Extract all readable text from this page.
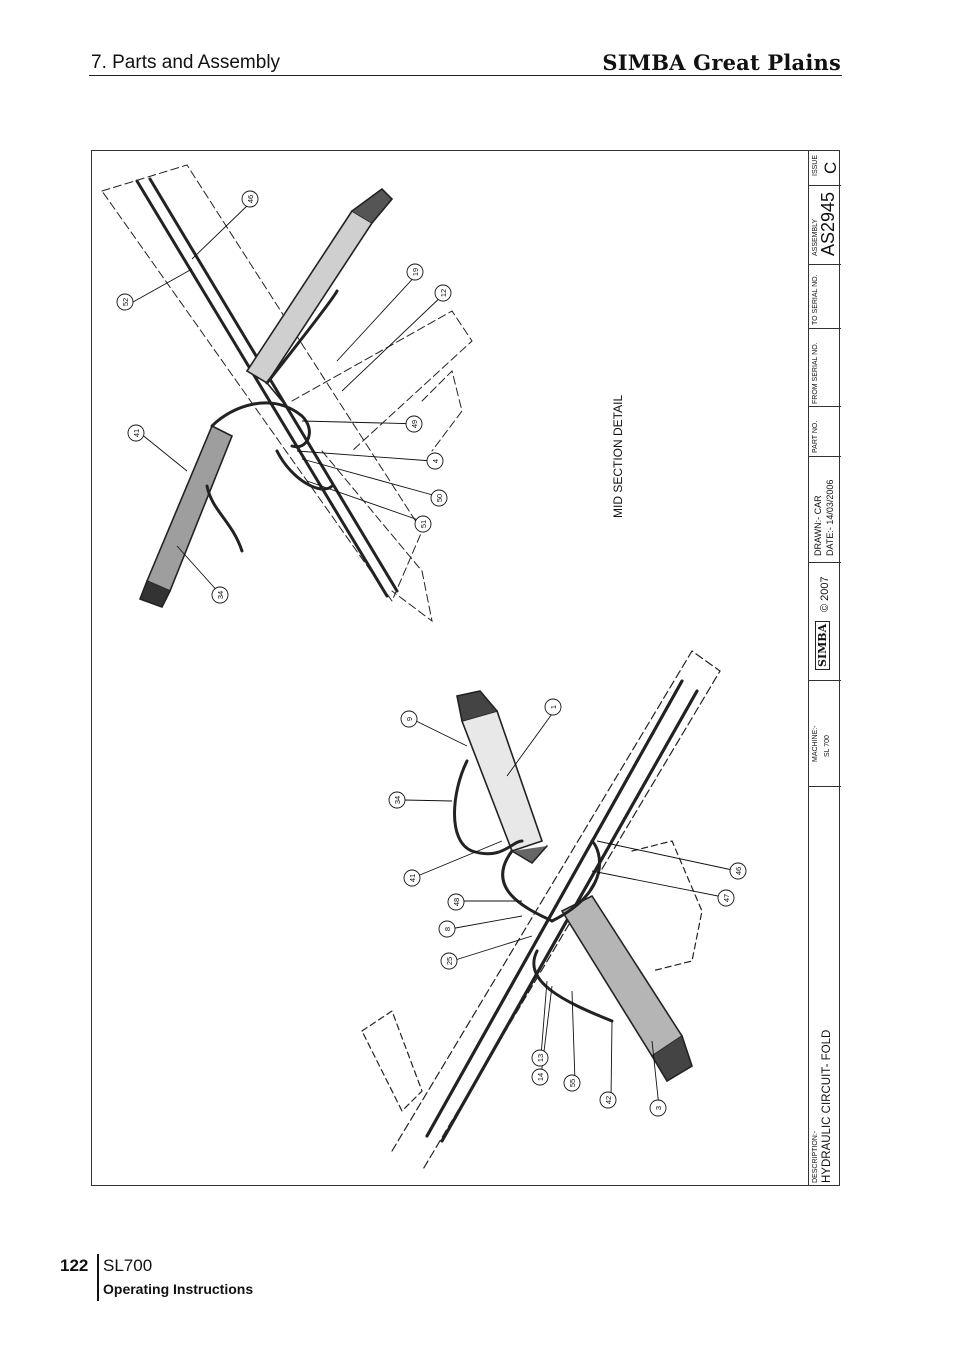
7. Parts and Assembly	SIMBA Great Plains
46
52
19
12
41
49
4
50
51
34
1
9
34
41
48
8
25
46
47
13
14
55
42
3
MID SECTION DETAIL
ISSUE C
ASSEMBLY AS2945
TO SERIAL NO.
FROM SERIAL NO.
PART NO.
DRAWN:- CAR DATE:- 14/03/2006
© 2007
SIMBA
MACHINE:- SL 700
DESCRIPTION:- HYDRAULIC CIRCUIT- FOLD
122 SL700
Operating Instructions
